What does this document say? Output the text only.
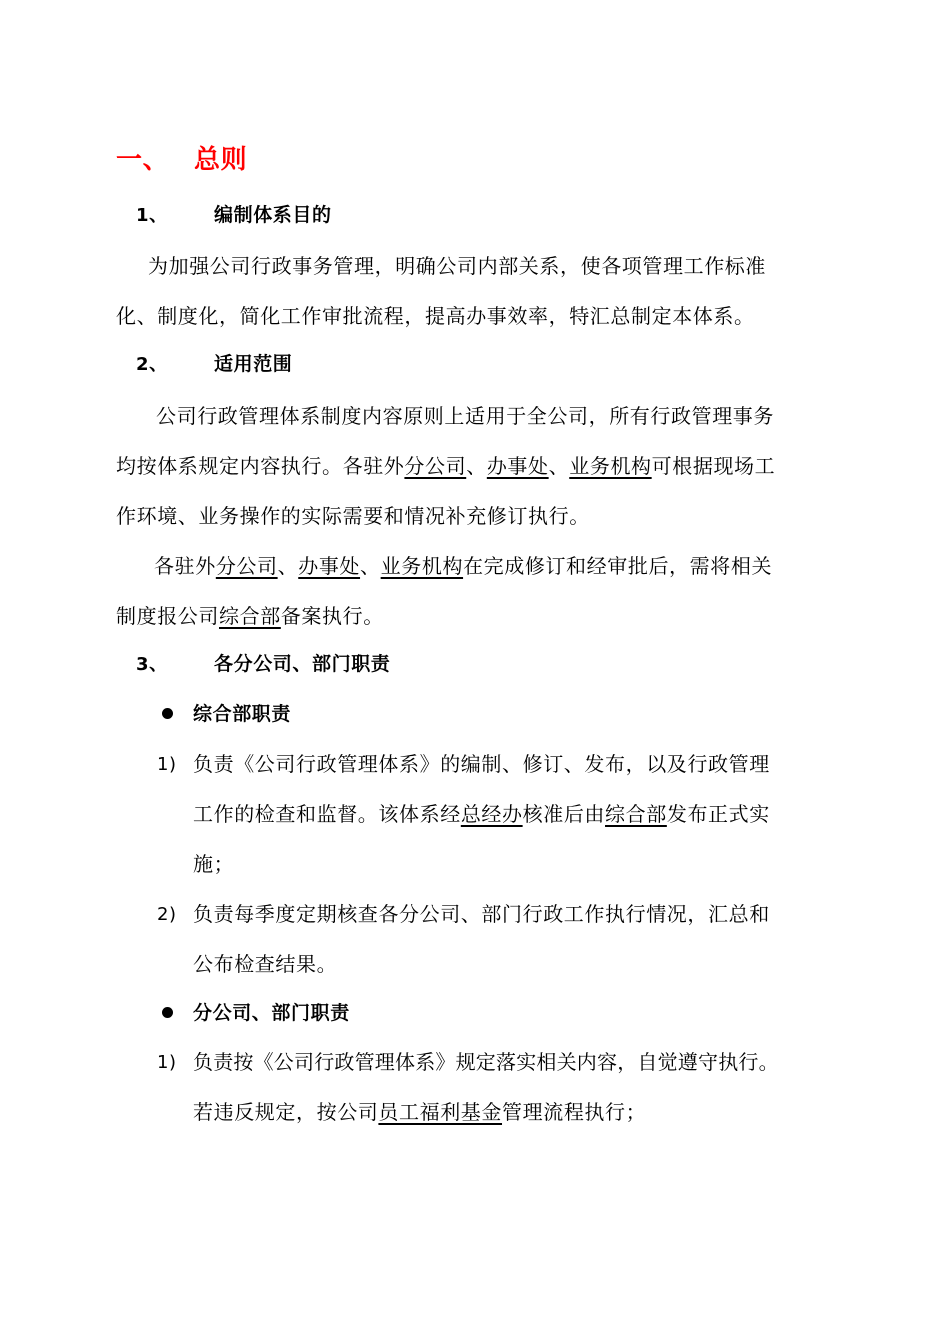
一、 总则
1、 编制体系目的
为加强公司行政事务管理，明确公司内部关系，使各项管理工作标准
化、制度化，简化工作审批流程，提高办事效率，特汇总制定本体系。
2、 适用范围
公司行政管理体系制度内容原则上适用于全公司，所有行政管理事务
均按体系规定内容执行。各驻外分公司、办事处、业务机构可根据现场工
作环境、业务操作的实际需要和情况补充修订执行。
各驻外分公司、办事处、业务机构在完成修订和经审批后，需将相关
制度报公司综合部备案执行。
3、 各分公司、部门职责
综合部职责
1) 负责《公司行政管理体系》的编制、修订、发布，以及行政管理
工作的检查和监督。该体系经总经办核准后由综合部发布正式实
施；
2) 负责每季度定期核查各分公司、部门行政工作执行情况，汇总和
公布检查结果。
分公司、部门职责
1) 负责按《公司行政管理体系》规定落实相关内容，自觉遵守执行。
若违反规定，按公司员工福利基金管理流程执行；
